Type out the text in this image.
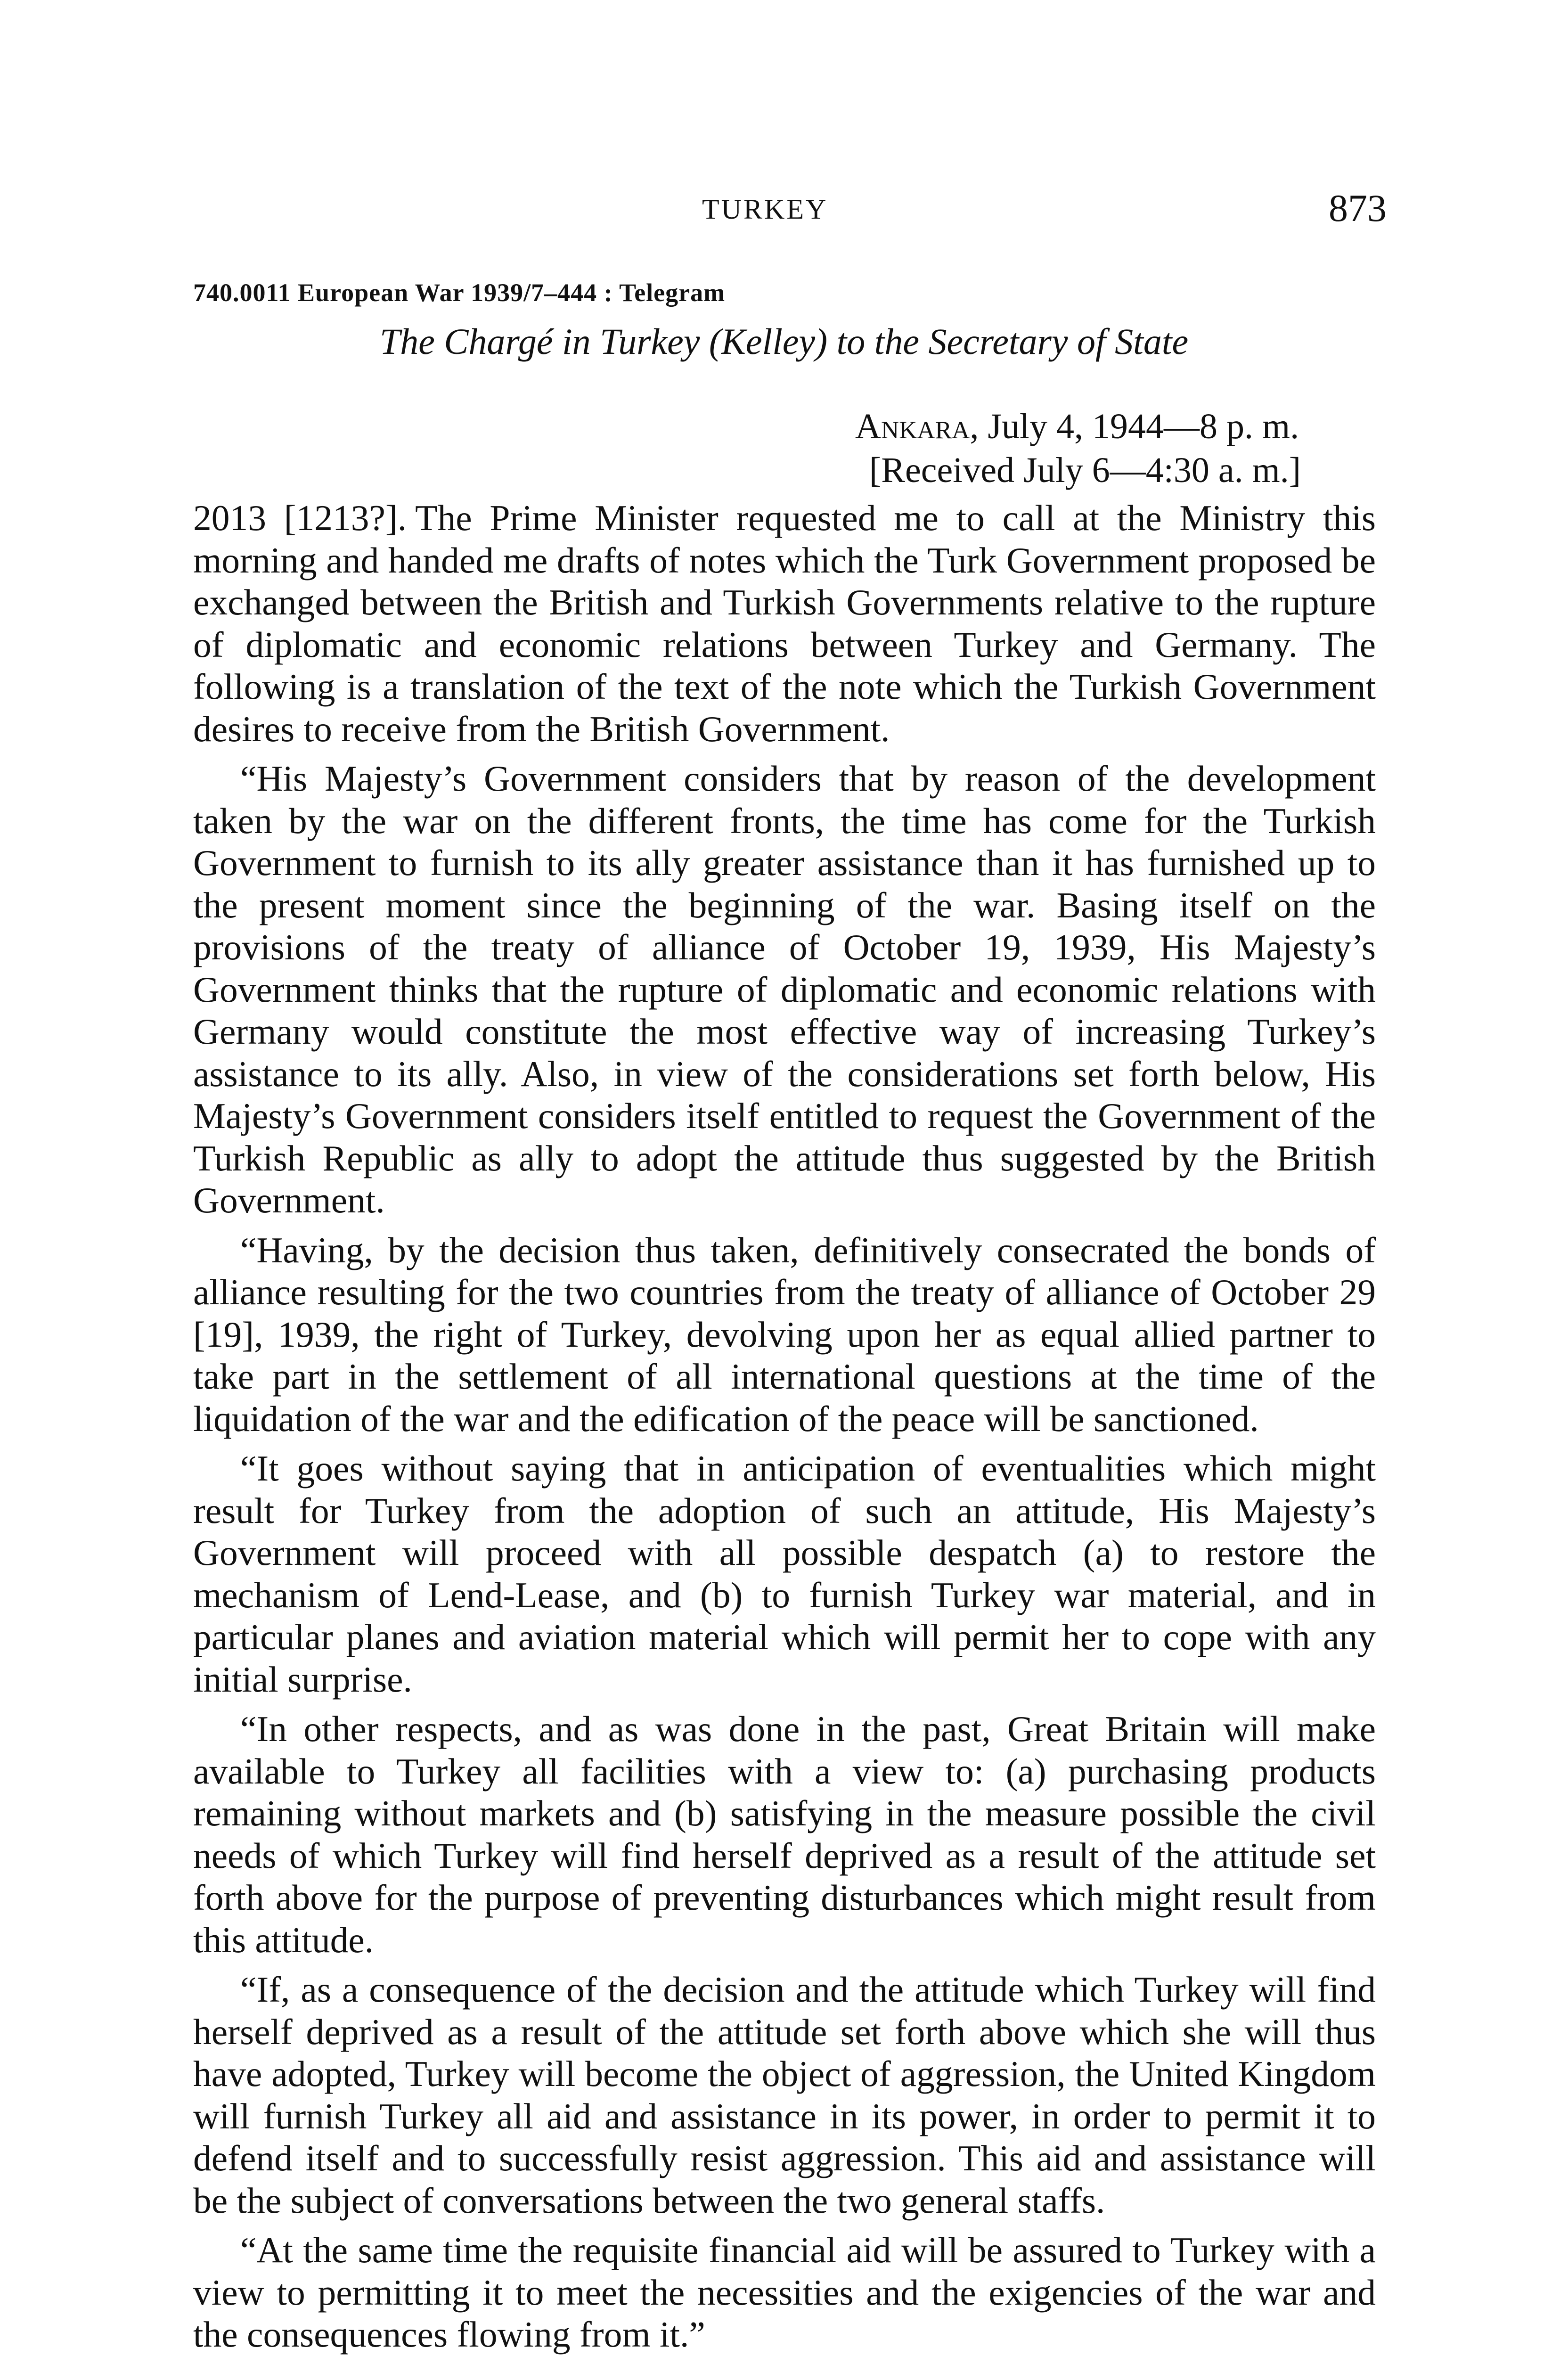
TURKEY	873
740.0011 European War 1939/7–444 : Telegram
The Chargé in Turkey (Kelley) to the Secretary of State
Ankara, July 4, 1944—8 p. m.
[Received July 6—4:30 a. m.]

2013 [1213?]. The Prime Minister requested me to call at the Ministry this morning and handed me drafts of notes which the Turk Government proposed be exchanged between the British and Turkish Governments relative to the rupture of diplomatic and economic relations between Turkey and Germany. The following is a translation of the text of the note which the Turkish Government desires to receive from the British Government.

“His Majesty’s Government considers that by reason of the development taken by the war on the different fronts, the time has come for the Turkish Government to furnish to its ally greater assistance than it has furnished up to the present moment since the beginning of the war. Basing itself on the provisions of the treaty of alliance of October 19, 1939, His Majesty’s Government thinks that the rupture of diplomatic and economic relations with Germany would constitute the most effective way of increasing Turkey’s assistance to its ally. Also, in view of the considerations set forth below, His Majesty’s Government considers itself entitled to request the Government of the Turkish Republic as ally to adopt the attitude thus suggested by the British Government.

“Having, by the decision thus taken, definitively consecrated the bonds of alliance resulting for the two countries from the treaty of alliance of October 29 [19], 1939, the right of Turkey, devolving upon her as equal allied partner to take part in the settlement of all international questions at the time of the liquidation of the war and the edification of the peace will be sanctioned.

“It goes without saying that in anticipation of eventualities which might result for Turkey from the adoption of such an attitude, His Majesty’s Government will proceed with all possible despatch (a) to restore the mechanism of Lend-Lease, and (b) to furnish Turkey war material, and in particular planes and aviation material which will permit her to cope with any initial surprise.

“In other respects, and as was done in the past, Great Britain will make available to Turkey all facilities with a view to: (a) purchasing products remaining without markets and (b) satisfying in the measure possible the civil needs of which Turkey will find herself deprived as a result of the attitude set forth above for the purpose of preventing disturbances which might result from this attitude.

“If, as a consequence of the decision and the attitude which Turkey will find herself deprived as a result of the attitude set forth above which she will thus have adopted, Turkey will become the object of aggression, the United Kingdom will furnish Turkey all aid and assistance in its power, in order to permit it to defend itself and to successfully resist aggression. This aid and assistance will be the subject of conversations between the two general staffs.

“At the same time the requisite financial aid will be assured to Turkey with a view to permitting it to meet the necessities and the exigencies of the war and the consequences flowing from it.”
